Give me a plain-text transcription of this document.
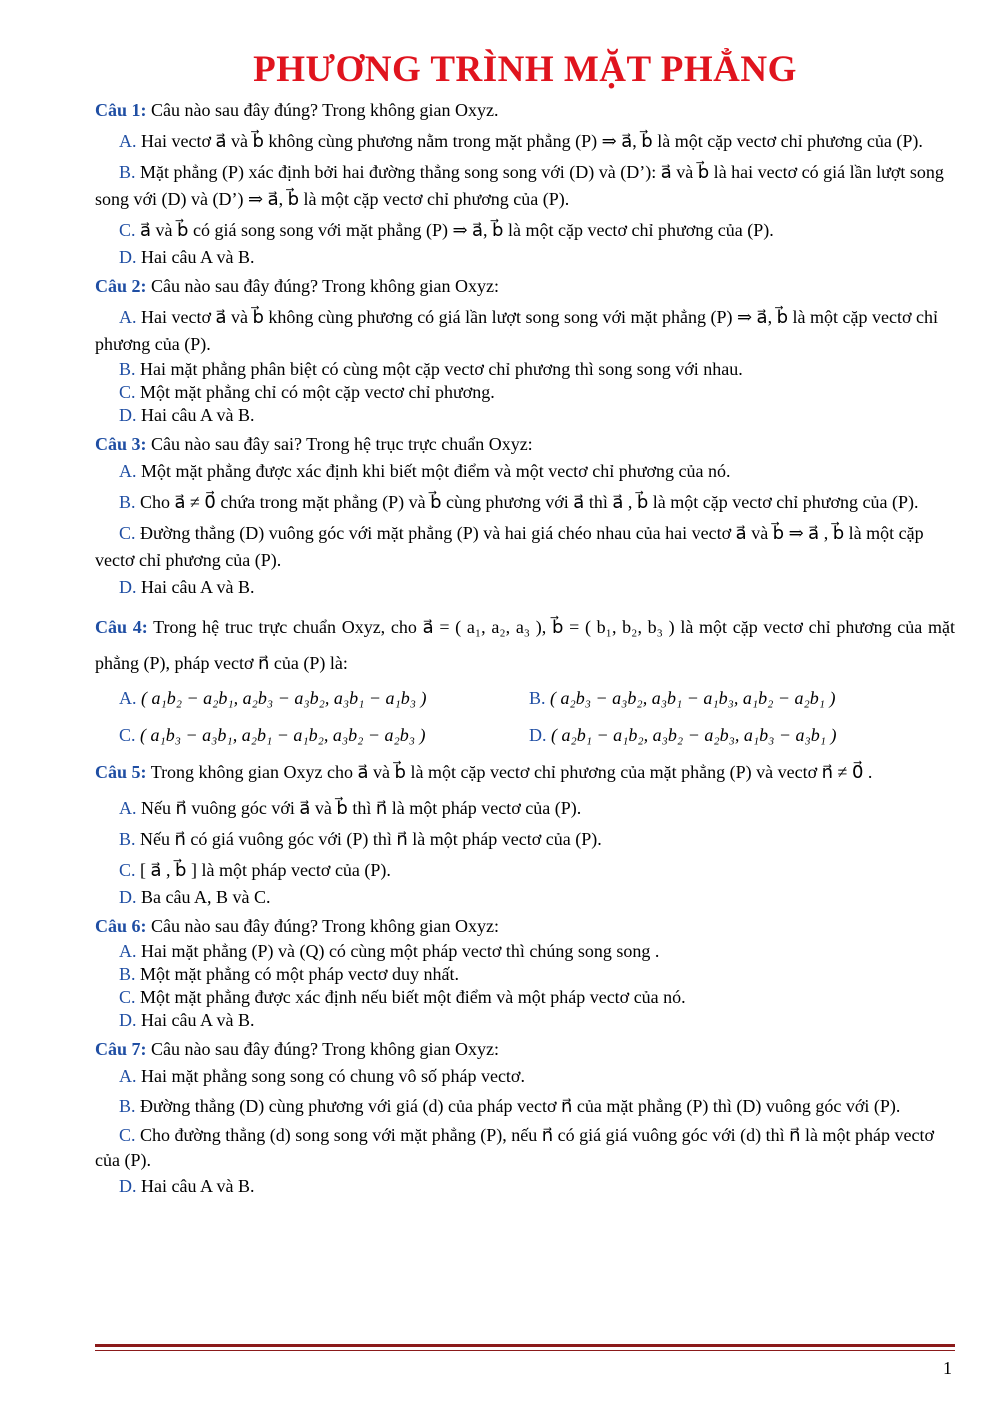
PHƯƠNG TRÌNH MẶT PHẲNG
Câu 1: Câu nào sau đây đúng? Trong không gian Oxyz.
A. Hai vectơ a⃗ và b⃗ không cùng phương nằm trong mặt phẳng (P) ⇒ a⃗, b⃗ là một cặp vectơ chỉ phương của (P).
B. Mặt phẳng (P) xác định bởi hai đường thẳng song song với (D) và (D’): a⃗ và b⃗ là hai vectơ có giá lần lượt song song với (D) và (D’) ⇒ a⃗, b⃗ là một cặp vectơ chỉ phương của (P).
C. a⃗ và b⃗ có giá song song với mặt phẳng (P) ⇒ a⃗, b⃗ là một cặp vectơ chỉ phương của (P).
D. Hai câu A và B.
Câu 2: Câu nào sau đây đúng? Trong không gian Oxyz:
A. Hai vectơ a⃗ và b⃗ không cùng phương có giá lần lượt song song với mặt phẳng (P) ⇒ a⃗, b⃗ là một cặp vectơ chỉ phương của (P).
B. Hai mặt phẳng phân biệt có cùng một cặp vectơ chỉ phương thì song song với nhau.
C. Một mặt phẳng chỉ có một cặp vectơ chỉ phương.
D. Hai câu A và B.
Câu 3: Câu nào sau đây sai? Trong hệ trục trực chuẩn Oxyz:
A. Một mặt phẳng được xác định khi biết một điểm và một vectơ chỉ phương của nó.
B. Cho a⃗ ≠ 0⃗ chứa trong mặt phẳng (P) và b⃗ cùng phương với a⃗ thì a⃗ , b⃗ là một cặp vectơ chỉ phương của (P).
C. Đường thẳng (D) vuông góc với mặt phẳng (P) và hai giá chéo nhau của hai vectơ a⃗ và b⃗ ⇒ a⃗ , b⃗ là một cặp vectơ chỉ phương của (P).
D. Hai câu A và B.
Câu 4: Trong hệ truc trực chuẩn Oxyz, cho a⃗ = ( a₁, a₂, a₃ ), b⃗ = ( b₁, b₂, b₃ ) là một cặp vectơ chỉ phương của mặt phẳng (P), pháp vectơ n⃗ của (P) là:
A. ( a₁b₂ − a₂b₁, a₂b₃ − a₃b₂, a₃b₁ − a₁b₃ )	B. ( a₂b₃ − a₃b₂, a₃b₁ − a₁b₃, a₁b₂ − a₂b₁ )
C. ( a₁b₃ − a₃b₁, a₂b₁ − a₁b₂, a₃b₂ − a₂b₃ )	D. ( a₂b₁ − a₁b₂, a₃b₂ − a₂b₃, a₁b₃ − a₃b₁ )
Câu 5: Trong không gian Oxyz cho a⃗ và b⃗ là một cặp vectơ chỉ phương của mặt phẳng (P) và vectơ n⃗ ≠ 0⃗ .
A. Nếu n⃗ vuông góc với a⃗ và b⃗ thì n⃗ là một pháp vectơ của (P).
B. Nếu n⃗ có giá vuông góc với (P) thì n⃗ là một pháp vectơ của (P).
C. [ a⃗ , b⃗ ] là một pháp vectơ của (P).
D. Ba câu A, B và C.
Câu 6: Câu nào sau đây đúng? Trong không gian Oxyz:
A. Hai mặt phẳng (P) và (Q) có cùng một pháp vectơ thì chúng song song .
B. Một mặt phẳng có một pháp vectơ duy nhất.
C. Một mặt phẳng được xác định nếu biết một điểm và một pháp vectơ của nó.
D. Hai câu A và B.
Câu 7: Câu nào sau đây đúng? Trong không gian Oxyz:
A. Hai mặt phẳng song song có chung vô số pháp vectơ.
B. Đường thẳng (D) cùng phương với giá (d) của pháp vectơ n⃗ của mặt phẳng (P) thì (D) vuông góc với (P).
C. Cho đường thẳng (d) song song với mặt phẳng (P), nếu n⃗ có giá giá vuông góc với (d) thì n⃗ là một pháp vectơ của (P).
D. Hai câu A và B.
1
